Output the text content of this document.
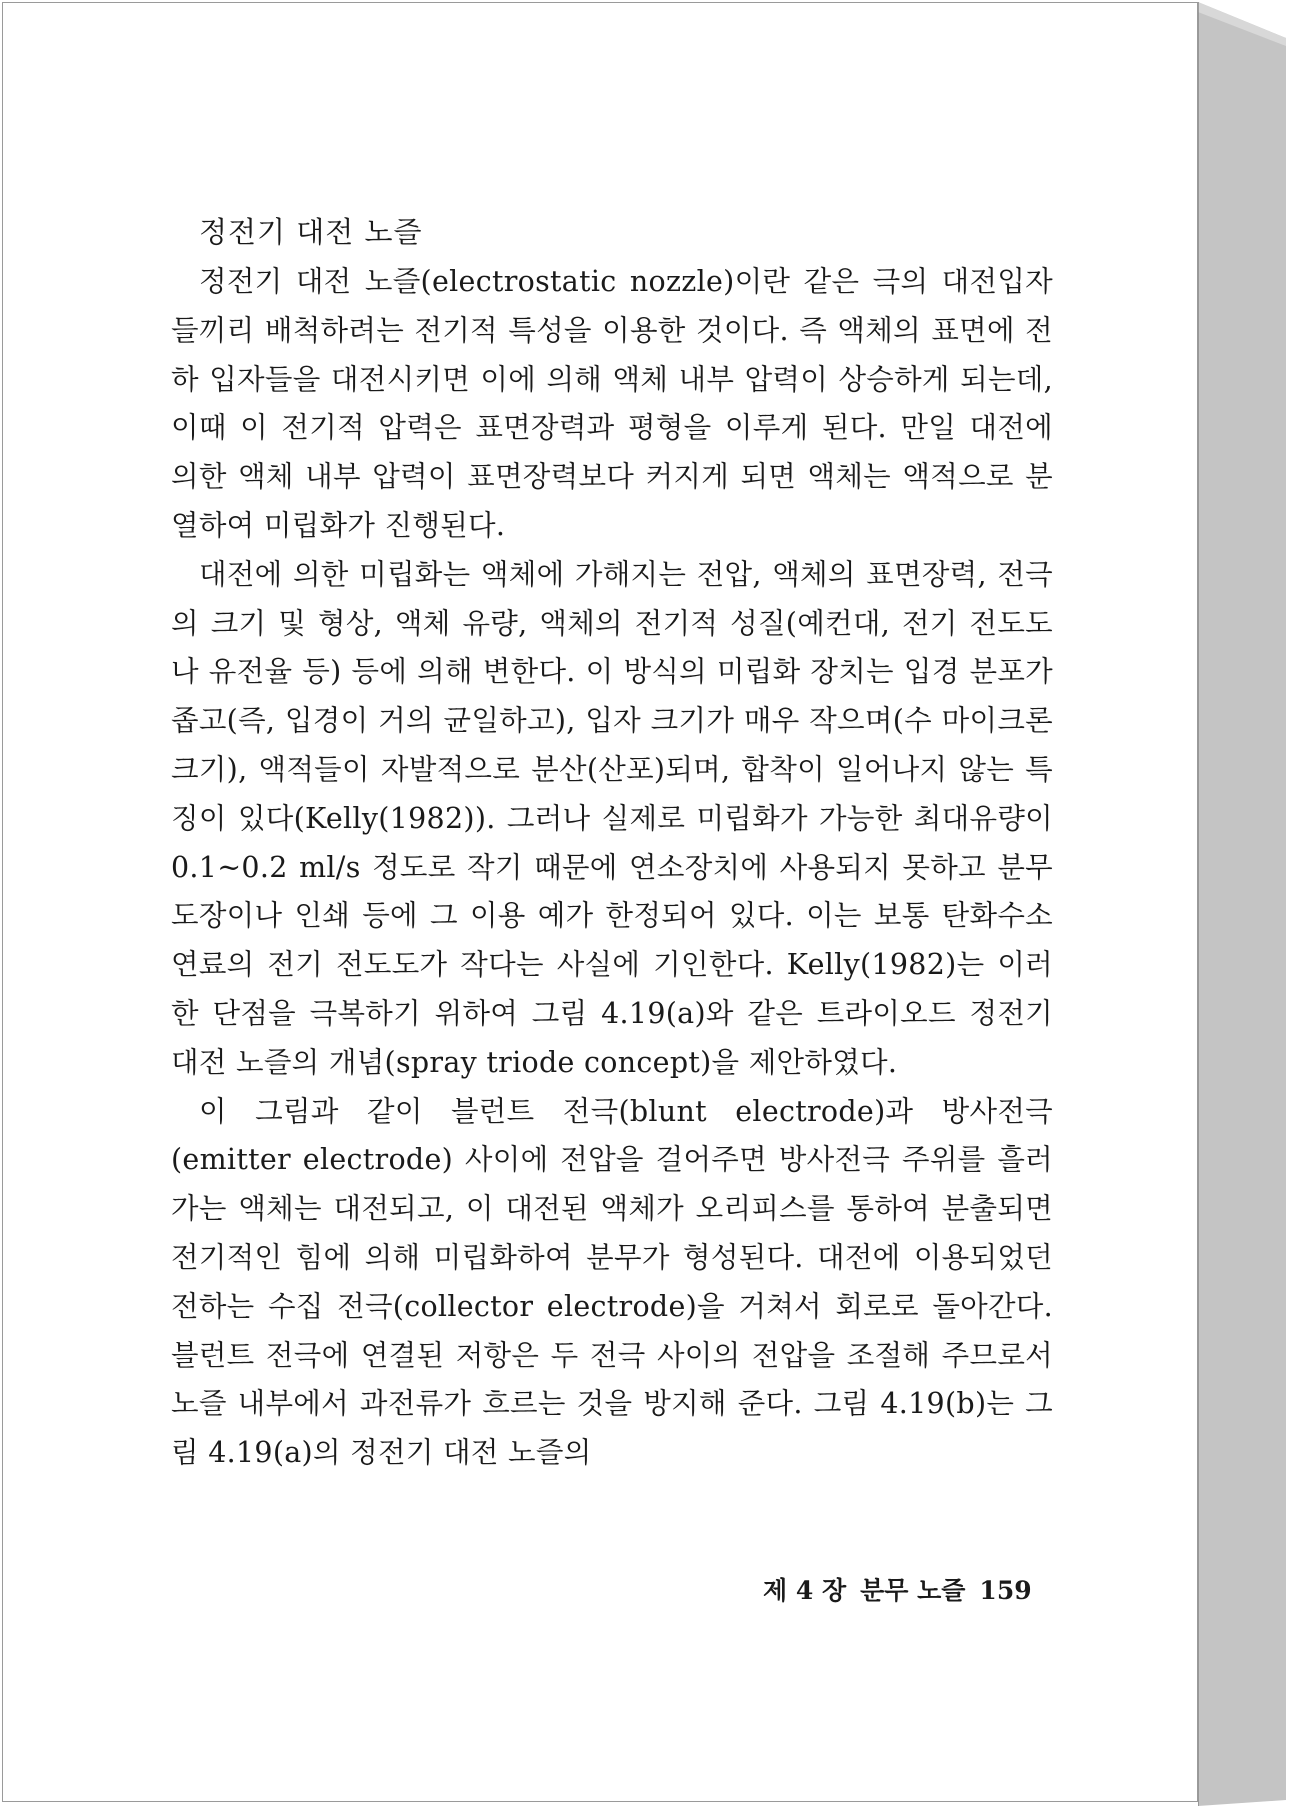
정전기 대전 노즐

정전기 대전 노즐(electrostatic nozzle)이란 같은 극의 대전입자들끼리 배척하려는 전기적 특성을 이용한 것이다. 즉 액체의 표면에 전하 입자들을 대전시키면 이에 의해 액체 내부 압력이 상승하게 되는데, 이때 이 전기적 압력은 표면장력과 평형을 이루게 된다. 만일 대전에 의한 액체 내부 압력이 표면장력보다 커지게 되면 액체는 액적으로 분열하여 미립화가 진행된다.

대전에 의한 미립화는 액체에 가해지는 전압, 액체의 표면장력, 전극의 크기 및 형상, 액체 유량, 액체의 전기적 성질(예컨대, 전기 전도도나 유전율 등) 등에 의해 변한다. 이 방식의 미립화 장치는 입경 분포가 좁고(즉, 입경이 거의 균일하고), 입자 크기가 매우 작으며(수 마이크론 크기), 액적들이 자발적으로 분산(산포)되며, 합착이 일어나지 않는 특징이 있다(Kelly(1982)). 그러나 실제로 미립화가 가능한 최대유량이 0.1~0.2 ml/s 정도로 작기 때문에 연소장치에 사용되지 못하고 분무 도장이나 인쇄 등에 그 이용 예가 한정되어 있다. 이는 보통 탄화수소 연료의 전기 전도도가 작다는 사실에 기인한다. Kelly(1982)는 이러한 단점을 극복하기 위하여 그림 4.19(a)와 같은 트라이오드 정전기 대전 노즐의 개념(spray triode concept)을 제안하였다.

이 그림과 같이 블런트 전극(blunt electrode)과 방사전극(emitter electrode) 사이에 전압을 걸어주면 방사전극 주위를 흘러가는 액체는 대전되고, 이 대전된 액체가 오리피스를 통하여 분출되면 전기적인 힘에 의해 미립화하여 분무가 형성된다. 대전에 이용되었던 전하는 수집 전극(collector electrode)을 거쳐서 회로로 돌아간다. 블런트 전극에 연결된 저항은 두 전극 사이의 전압을 조절해 주므로서 노즐 내부에서 과전류가 흐르는 것을 방지해 준다. 그림 4.19(b)는 그림 4.19(a)의 정전기 대전 노즐의

제 4 장 분무 노즐 159
